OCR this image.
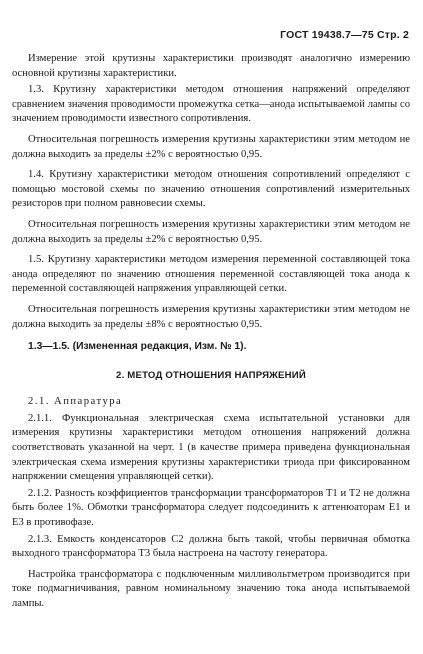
ГОСТ 19438.7—75 Стр. 2

Измерение этой крутизны характеристики производят аналогично измерению основной крутизны характеристики.

1.3. Крутизну характеристики методом отношения напряжений определяют сравнением значения проводимости промежутка сетка—анода испытываемой лампы со значением проводимости известного сопротивления.

Относительная погрешность измерения крутизны характеристики этим методом не должна выходить за пределы ±2% с вероятностью 0,95.

1.4. Крутизну характеристики методом отношения сопротивлений определяют с помощью мостовой схемы по значению отношения сопротивлений измерительных резисторов при полном равновесии схемы.

Относительная погрешность измерения крутизны характеристики этим методом не должна выходить за пределы ±2% с вероятностью 0,95.

1.5. Крутизну характеристики методом измерения переменной составляющей тока анода определяют по значению отношения переменной составляющей тока анода к переменной составляющей напряжения управляющей сетки.

Относительная погрешность измерения крутизны характеристики этим методом не должна выходить за пределы ±8% с вероятностью 0,95.

1.3—1.5. (Измененная редакция, Изм. № 1).
2. МЕТОД ОТНОШЕНИЯ НАПРЯЖЕНИЙ

2.1. Аппаратура

2.1.1. Функциональная электрическая схема испытательной установки для измерения крутизны характеристики методом отношения напряжений должна соответствовать указанной на черт. 1 (в качестве примера приведена функциональная электрическая схема измерения крутизны характеристики триода при фиксированном напряжении смещения управляющей сетки).

2.1.2. Разность коэффициентов трансформации трансформаторов Т1 и Т2 не должна быть более 1%. Обмотки трансформатора следует подсоединить к аттенюаторам Е1 и Е3 в противофазе.

2.1.3. Емкость конденсаторов С2 должна быть такой, чтобы первичная обмотка выходного трансформатора Т3 была настроена на частоту генератора.

Настройка трансформатора с подключенным милливольтметром производится при токе подмагничивания, равном номинальному значению тока анода испытываемой лампы.
